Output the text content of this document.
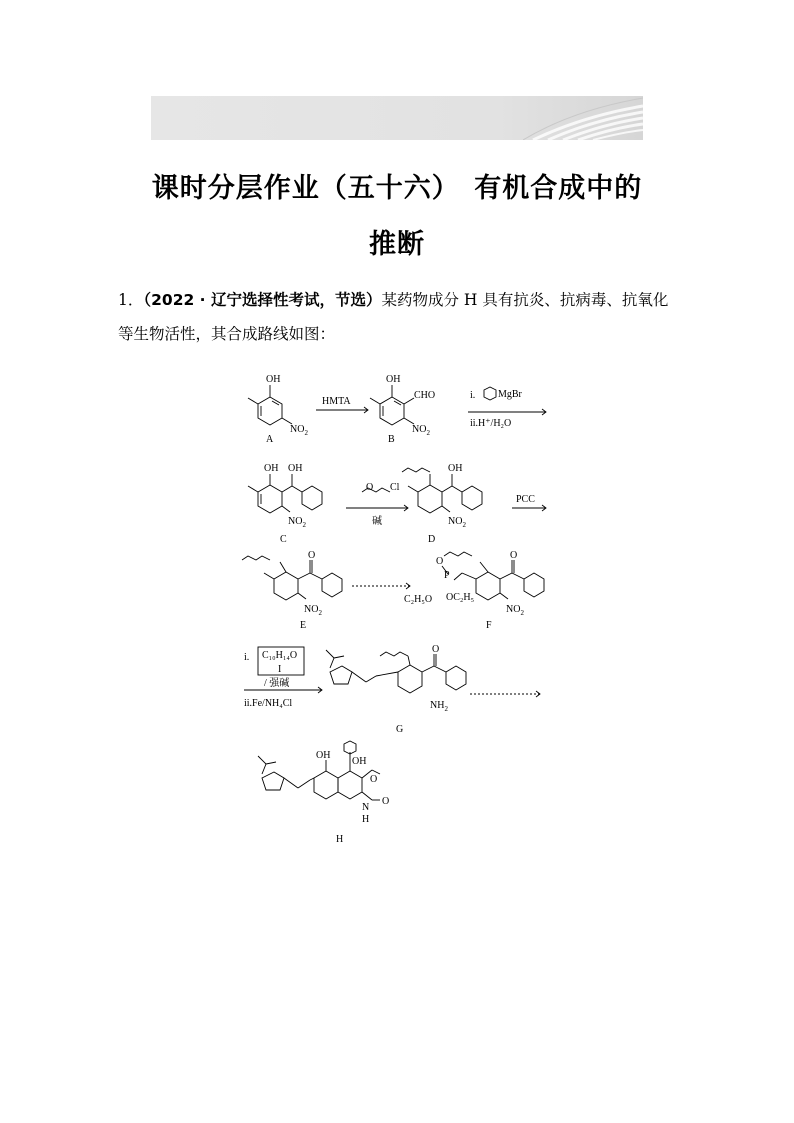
课时分层作业（五十六）　有机合成中的
推断
1．（2022 · 辽宁选择性考试，节选）某药物成分 H 具有抗炎、抗病毒、抗氧化
等生物活性，其合成路线如图：
OH
$NO_2$
A
HMTA
OH
CHO
$NO_2$
B
i. MgBr
ii.H⁺/H₂O
OH OH
$NO_2$
C
O Cl
碱
OH
$NO_2$
D
PCC
O
$NO_2$
E
O
P
C₂H₅O OC₂H₅
O
$NO_2$
F
i. C₁₀H₁₄O
I
/ 强碱
ii.Fe/NH₄Cl
O
$NH_2$
G
OH
OH
O
O
N
H
H
